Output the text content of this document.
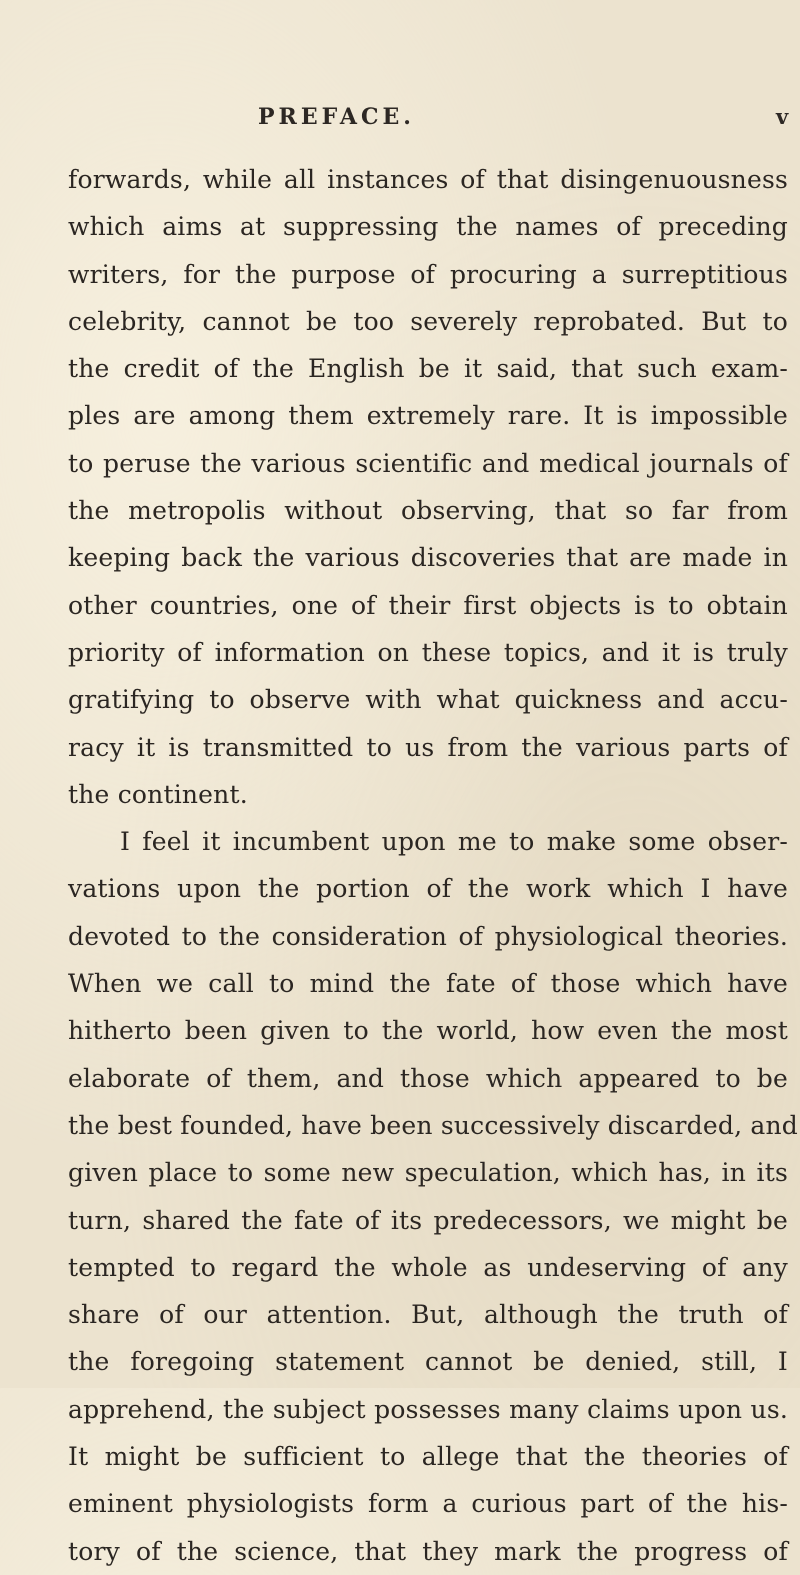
PREFACE.	v
forwards, while all instances of that disingenuousness
which aims at suppressing the names of preceding
writers, for the purpose of procuring a surreptitious
celebrity, cannot be too severely reprobated. But to
the credit of the English be it said, that such exam-
ples are among them extremely rare. It is impossible
to peruse the various scientific and medical journals of
the metropolis without observing, that so far from
keeping back the various discoveries that are made in
other countries, one of their first objects is to obtain
priority of information on these topics, and it is truly
gratifying to observe with what quickness and accu-
racy it is transmitted to us from the various parts of
the continent.
I feel it incumbent upon me to make some obser-
vations upon the portion of the work which I have
devoted to the consideration of physiological theories.
When we call to mind the fate of those which have
hitherto been given to the world, how even the most
elaborate of them, and those which appeared to be
the best founded, have been successively discarded, and
given place to some new speculation, which has, in its
turn, shared the fate of its predecessors, we might be
tempted to regard the whole as undeserving of any
share of our attention. But, although the truth of
the foregoing statement cannot be denied, still, I
apprehend, the subject possesses many claims upon us.
It might be sufficient to allege that the theories of
eminent physiologists form a curious part of the his-
tory of the science, that they mark the progress of
